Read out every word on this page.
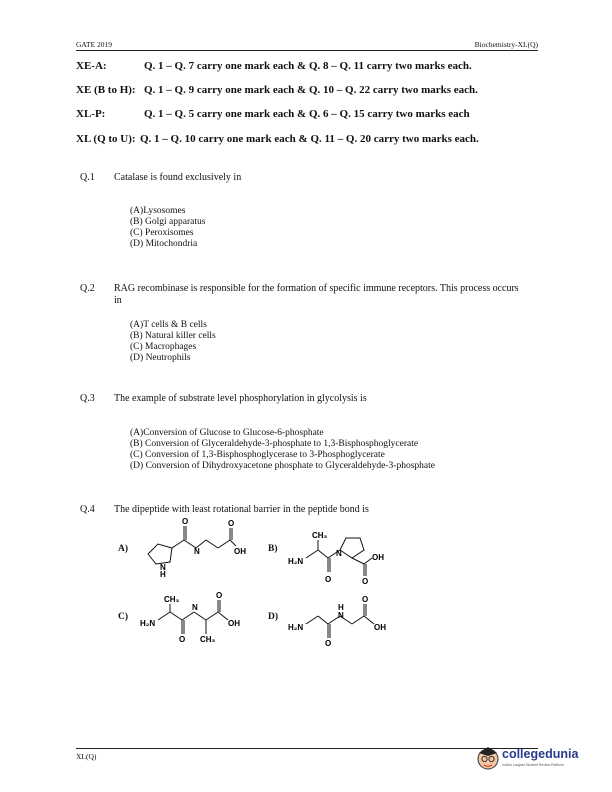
GATE 2019	Biochemistry-XL(Q)
XE-A:	Q. 1 – Q. 7 carry one mark each & Q. 8 – Q. 11 carry two marks each.
XE (B to H): Q. 1 – Q. 9 carry one mark each & Q. 10 – Q. 22 carry two marks each.
XL-P:	Q. 1 – Q. 5 carry one mark each & Q. 6 – Q. 15 carry two marks each
XL (Q to U): Q. 1 – Q. 10 carry one mark each & Q. 11 – Q. 20 carry two marks each.
Q.1 Catalase is found exclusively in
(A)Lysosomes
(B) Golgi apparatus
(C) Peroxisomes
(D) Mitochondria
Q.2 RAG recombinase is responsible for the formation of specific immune receptors. This process occurs in
(A)T cells & B cells
(B) Natural killer cells
(C) Macrophages
(D) Neutrophils
Q.3 The example of substrate level phosphorylation in glycolysis is
(A)Conversion of Glucose to Glucose-6-phosphate
(B) Conversion of Glyceraldehyde-3-phosphate to 1,3-Bisphosphoglycerate
(C) Conversion of 1,3-Bisphosphoglycerase to 3-Phosphoglycerate
(D) Conversion of Dihydroxyacetone phosphate to Glyceraldehyde-3-phosphate
Q.4 The dipeptide with least rotational barrier in the peptide bond is
A)	B)
C)	D)
N
H
O
N
O
OH
CH₃
H₂N
O
N
O
OH
CH₃
H₂N
O
N
CH₃
O
OH	H₂N
O
H
N
O
OH
XL(Q)	collegedunia
India's Largest Student Review Platform
